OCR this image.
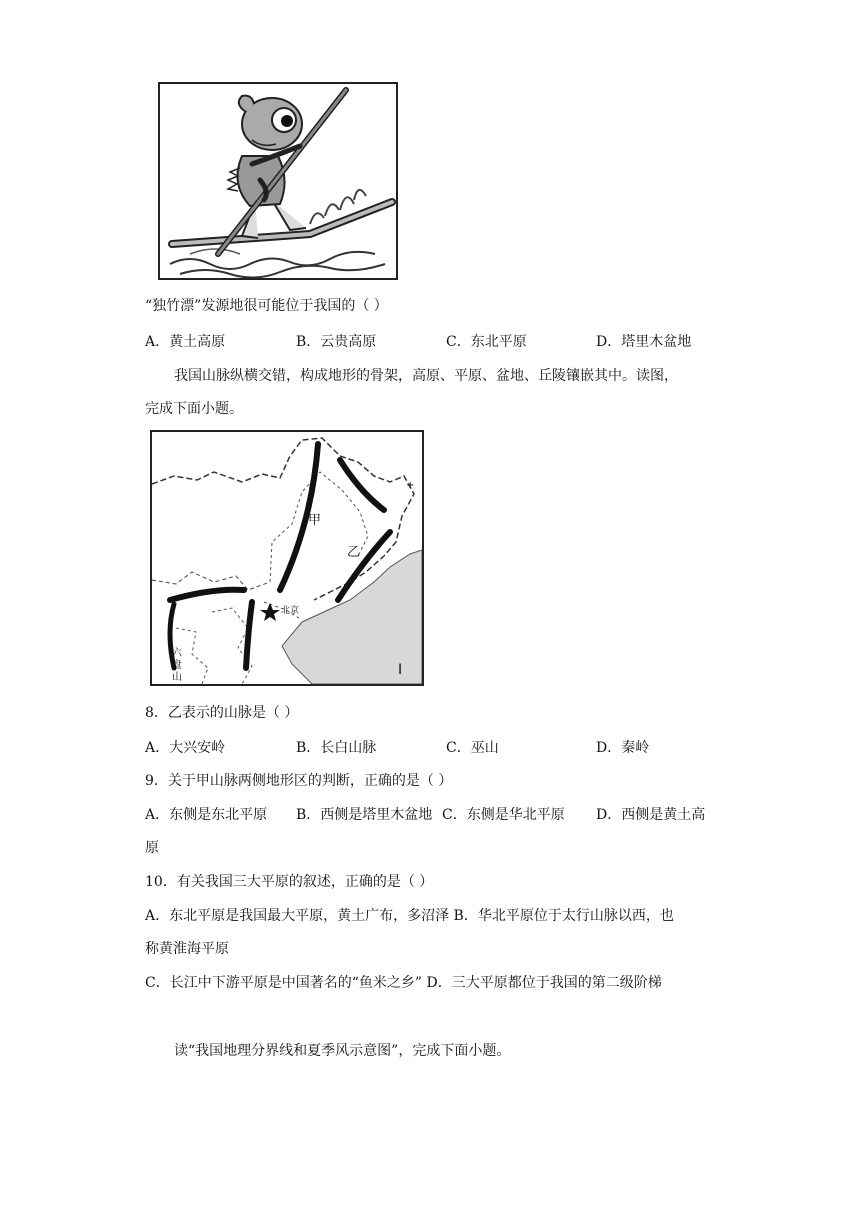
“独竹漂”发源地很可能位于我国的（ ）
A．黄土高原	B．云贵高原	C．东北平原	D．塔里木盆地
我国山脉纵横交错，构成地形的骨架，高原、平原、盆地、丘陵镶嵌其中。读图，
完成下面小题。
北京
甲
乙
六
盘
山	I
+
8．乙表示的山脉是（ ）
A．大兴安岭	B．长白山脉	C．巫山	D．秦岭
9．关于甲山脉两侧地形区的判断，正确的是（ ）
A．东侧是东北平原 B．西侧是塔里木盆地 C．东侧是华北平原 D．西侧是黄土高
原
10．有关我国三大平原的叙述，正确的是（ ）
A．东北平原是我国最大平原，黄土广布，多沼泽 B．华北平原位于太行山脉以西，也
称黄淮海平原
C．长江中下游平原是中国著名的“鱼米之乡” D．三大平原都位于我国的第二级阶梯
读“我国地理分界线和夏季风示意图”，完成下面小题。
